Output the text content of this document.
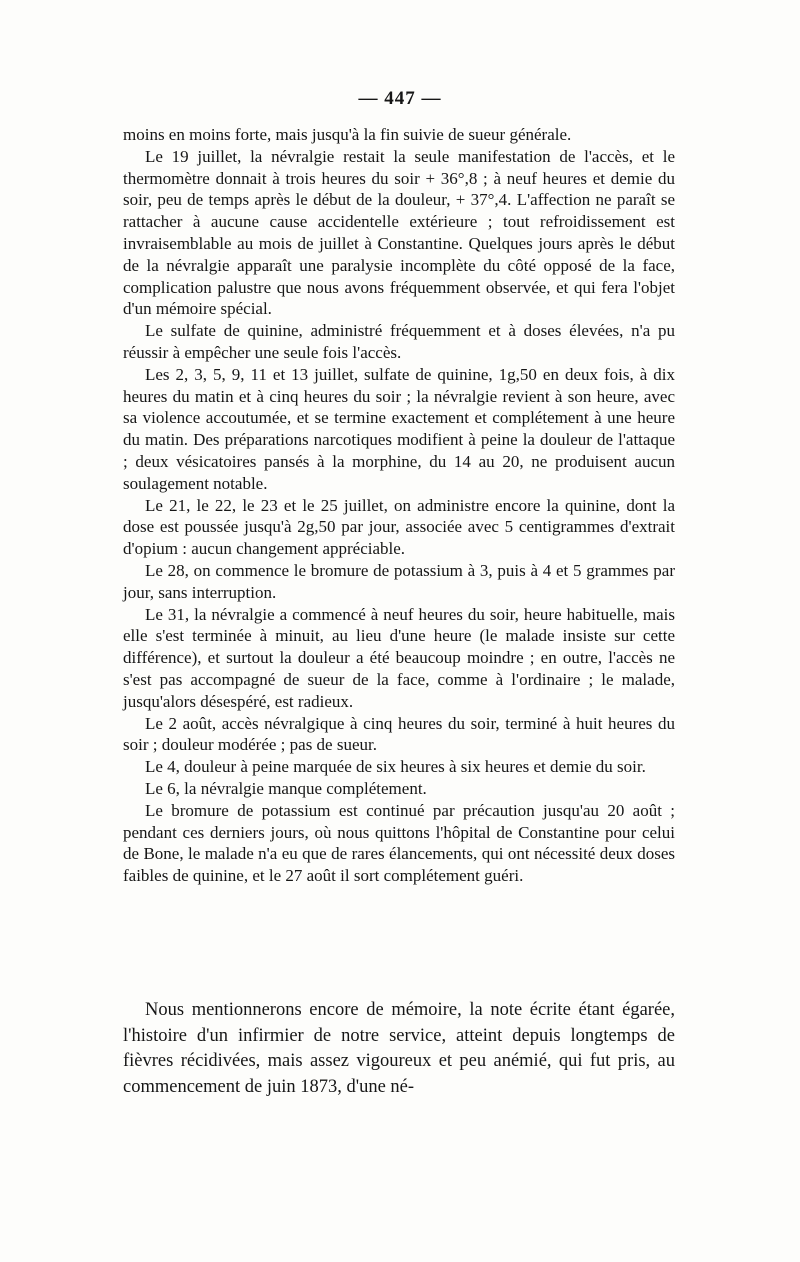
— 447 —

moins en moins forte, mais jusqu'à la fin suivie de sueur générale.

Le 19 juillet, la névralgie restait la seule manifestation de l'accès, et le thermomètre donnait à trois heures du soir + 36°,8 ; à neuf heures et demie du soir, peu de temps après le début de la douleur, + 37°,4. L'affection ne paraît se rattacher à aucune cause accidentelle extérieure ; tout refroidissement est invraisemblable au mois de juillet à Constantine. Quelques jours après le début de la névralgie apparaît une paralysie incomplète du côté opposé de la face, complication palustre que nous avons fréquemment observée, et qui fera l'objet d'un mémoire spécial.

Le sulfate de quinine, administré fréquemment et à doses élevées, n'a pu réussir à empêcher une seule fois l'accès.

Les 2, 3, 5, 9, 11 et 13 juillet, sulfate de quinine, 1g,50 en deux fois, à dix heures du matin et à cinq heures du soir ; la névralgie revient à son heure, avec sa violence accoutumée, et se termine exactement et complétement à une heure du matin. Des préparations narcotiques modifient à peine la douleur de l'attaque ; deux vésicatoires pansés à la morphine, du 14 au 20, ne produisent aucun soulagement notable.

Le 21, le 22, le 23 et le 25 juillet, on administre encore la quinine, dont la dose est poussée jusqu'à 2g,50 par jour, associée avec 5 centigrammes d'extrait d'opium : aucun changement appréciable.

Le 28, on commence le bromure de potassium à 3, puis à 4 et 5 grammes par jour, sans interruption.

Le 31, la névralgie a commencé à neuf heures du soir, heure habituelle, mais elle s'est terminée à minuit, au lieu d'une heure (le malade insiste sur cette différence), et surtout la douleur a été beaucoup moindre ; en outre, l'accès ne s'est pas accompagné de sueur de la face, comme à l'ordinaire ; le malade, jusqu'alors désespéré, est radieux.

Le 2 août, accès névralgique à cinq heures du soir, terminé à huit heures du soir ; douleur modérée ; pas de sueur.

Le 4, douleur à peine marquée de six heures à six heures et demie du soir.

Le 6, la névralgie manque complétement.

Le bromure de potassium est continué par précaution jusqu'au 20 août ; pendant ces derniers jours, où nous quittons l'hôpital de Constantine pour celui de Bone, le malade n'a eu que de rares élancements, qui ont nécessité deux doses faibles de quinine, et le 27 août il sort complétement guéri.

Nous mentionnerons encore de mémoire, la note écrite étant égarée, l'histoire d'un infirmier de notre service, atteint depuis longtemps de fièvres récidivées, mais assez vigoureux et peu anémié, qui fut pris, au commencement de juin 1873, d'une né-
